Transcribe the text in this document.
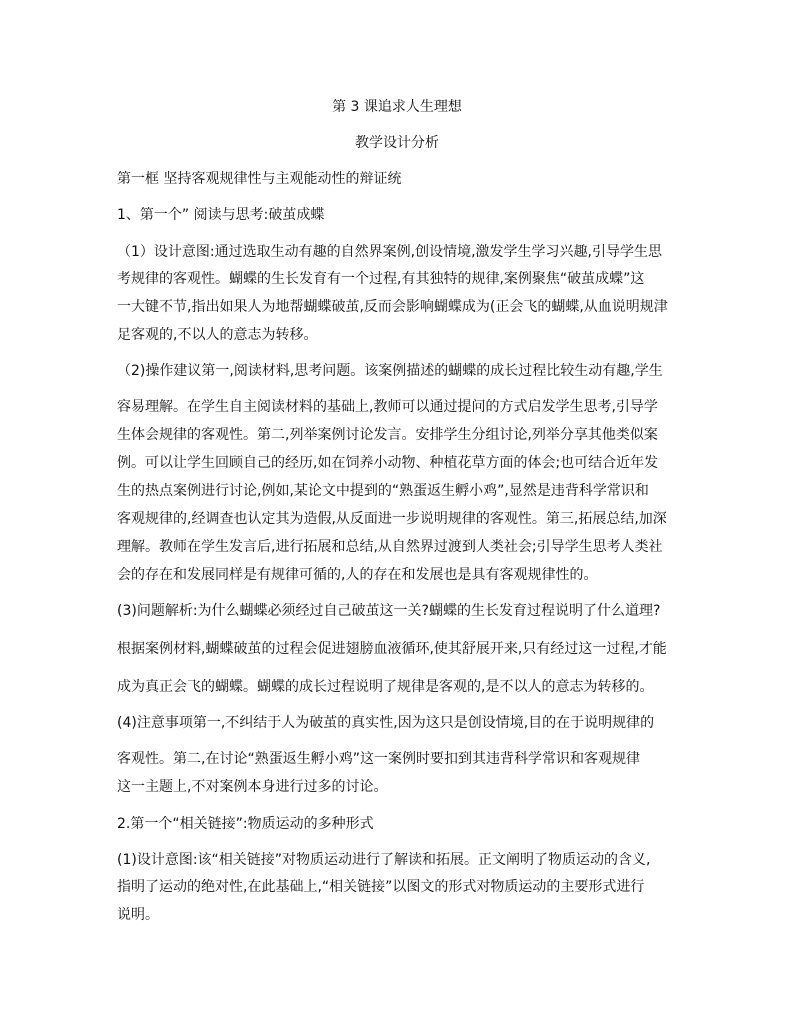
第 3 课追求人生理想
教学设计分析
第一框 坚持客观规律性与主观能动性的辩证统
1、第一个” 阅读与思考:破茧成蝶
（1）设计意图:通过选取生动有趣的自然界案例,创设情境,激发学生学习兴趣,引导学生思
考规律的客观性。蝴蝶的生长发育有一个过程,有其独特的规律,案例聚焦“破茧成蝶”这
一大键不节,指出如果人为地帮蝴蝶破茧,反而会影响蝴蝶成为(正会飞的蝴蝶,从血说明规津
足客观的,不以人的意志为转移。
（2)操作建议第一,阅读材料,思考问题。该案例描述的蝴蝶的成长过程比较生动有趣,学生
容易理解。在学生自主阅读材料的基础上,教师可以通过提问的方式启发学生思考,引导学
生体会规律的客观性。第二,列举案例讨论发言。安排学生分组讨论,列举分享其他类似案
例。可以让学生回顾自己的经历,如在饲养小动物、种植花草方面的体会;也可结合近年发
生的热点案例进行讨论,例如,某论文中提到的“熟蛋返生孵小鸡”,显然是违背科学常识和
客观规律的,经调查也认定其为造假,从反面进一步说明规律的客观性。第三,拓展总结,加深
理解。教师在学生发言后,进行拓展和总结,从自然界过渡到人类社会;引导学生思考人类社
会的存在和发展同样是有规律可循的,人的存在和发展也是具有客观规律性的。
(3)问题解析:为什么蝴蝶必须经过自己破茧这一关?蝴蝶的生长发育过程说明了什么道理?
根据案例材料,蝴蝶破茧的过程会促进翅膀血液循环,使其舒展开来,只有经过这一过程,才能
成为真正会飞的蝴蝶。蝴蝶的成长过程说明了规律是客观的,是不以人的意志为转移的。
(4)注意事项第一,不纠结于人为破茧的真实性,因为这只是创设情境,目的在于说明规律的
客观性。第二,在讨论“熟蛋返生孵小鸡”这一案例时要扣到其违背科学常识和客观规律
这一主题上,不对案例本身进行过多的讨论。
2.第一个“相关链接”:物质运动的多种形式
(1)设计意图:该“相关链接”对物质运动进行了解读和拓展。正文阐明了物质运动的含义,
指明了运动的绝对性,在此基础上,“相关链接”以图文的形式对物质运动的主要形式进行
说明。
